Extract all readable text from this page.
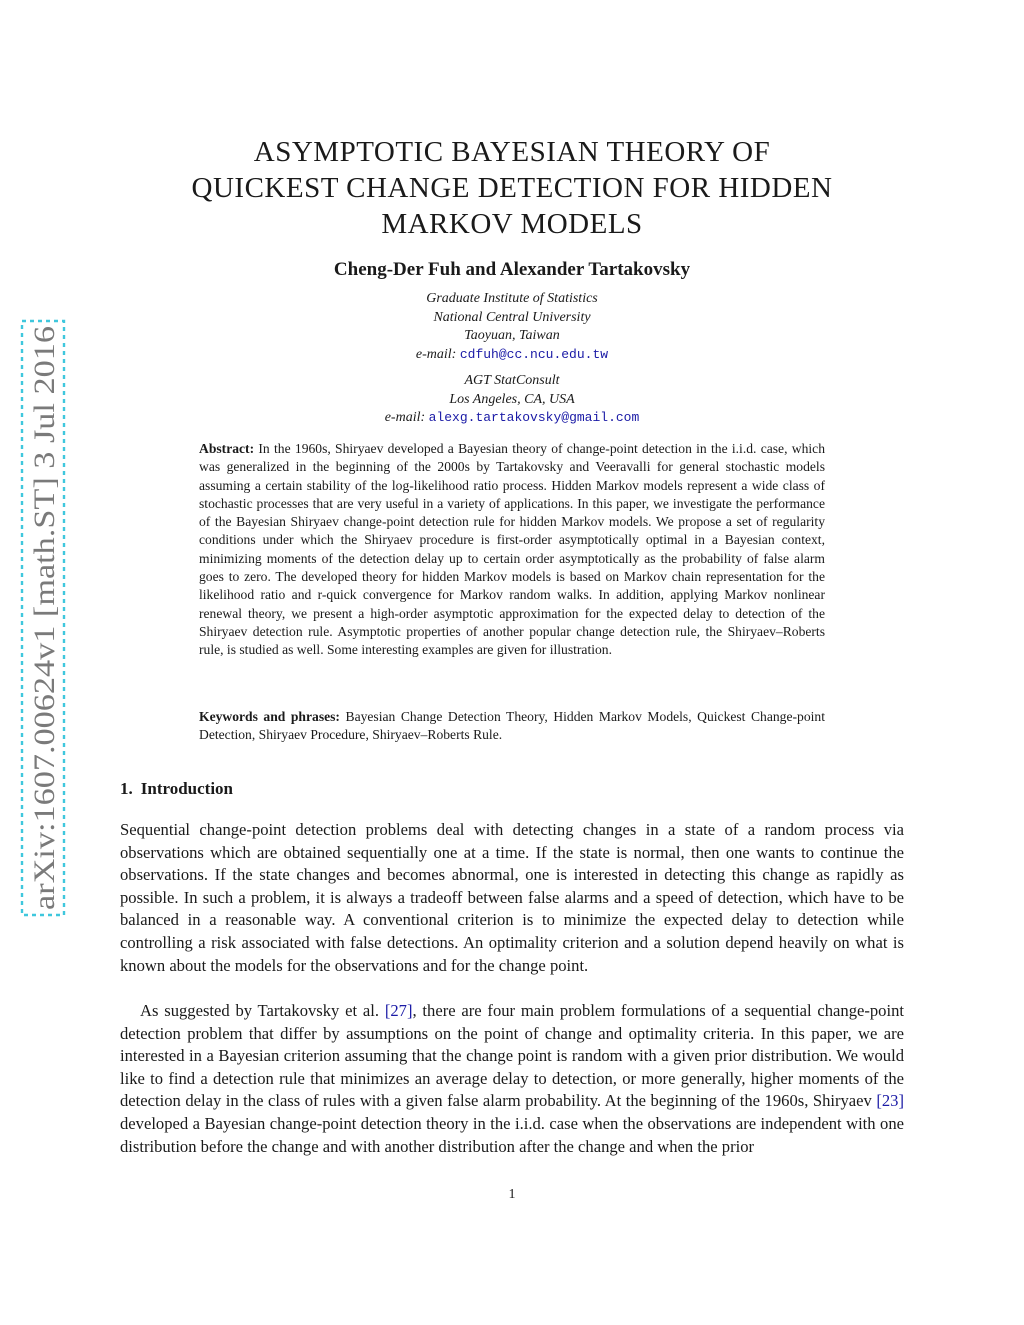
arXiv:1607.00624v1 [math.ST] 3 Jul 2016
ASYMPTOTIC BAYESIAN THEORY OF
QUICKEST CHANGE DETECTION FOR HIDDEN
MARKOV MODELS

Cheng-Der Fuh and Alexander Tartakovsky

Graduate Institute of Statistics
National Central University
Taoyuan, Taiwan
e-mail: cdfuh@cc.ncu.edu.tw
AGT StatConsult
Los Angeles, CA, USA
e-mail: alexg.tartakovsky@gmail.com

Abstract: In the 1960s, Shiryaev developed a Bayesian theory of change-point detection in the i.i.d. case, which was generalized in the beginning of the 2000s by Tartakovsky and Veeravalli for general stochastic models assuming a certain stability of the log-likelihood ratio process. Hidden Markov models represent a wide class of stochastic processes that are very useful in a variety of applications. In this paper, we investigate the performance of the Bayesian Shiryaev change-point detection rule for hidden Markov models. We propose a set of regularity conditions under which the Shiryaev procedure is first-order asymptotically optimal in a Bayesian context, minimizing moments of the detection delay up to certain order asymptotically as the probability of false alarm goes to zero. The developed theory for hidden Markov models is based on Markov chain representation for the likelihood ratio and r-quick convergence for Markov random walks. In addition, applying Markov nonlinear renewal theory, we present a high-order asymptotic approximation for the expected delay to detection of the Shiryaev detection rule. Asymptotic properties of another popular change detection rule, the Shiryaev–Roberts rule, is studied as well. Some interesting examples are given for illustration.

Keywords and phrases: Bayesian Change Detection Theory, Hidden Markov Models, Quickest Change-point Detection, Shiryaev Procedure, Shiryaev–Roberts Rule.

1. Introduction

Sequential change-point detection problems deal with detecting changes in a state of a random process via observations which are obtained sequentially one at a time. If the state is normal, then one wants to continue the observations. If the state changes and becomes abnormal, one is interested in detecting this change as rapidly as possible. In such a problem, it is always a tradeoff between false alarms and a speed of detection, which have to be balanced in a reasonable way. A conventional criterion is to minimize the expected delay to detection while controlling a risk associated with false detections. An optimality criterion and a solution depend heavily on what is known about the models for the observations and for the change point.

As suggested by Tartakovsky et al. [27], there are four main problem formulations of a sequential change-point detection problem that differ by assumptions on the point of change and optimality criteria. In this paper, we are interested in a Bayesian criterion assuming that the change point is random with a given prior distribution. We would like to find a detection rule that minimizes an average delay to detection, or more generally, higher moments of the detection delay in the class of rules with a given false alarm probability. At the beginning of the 1960s, Shiryaev [23] developed a Bayesian change-point detection theory in the i.i.d. case when the observations are independent with one distribution before the change and with another distribution after the change and when the prior

1
